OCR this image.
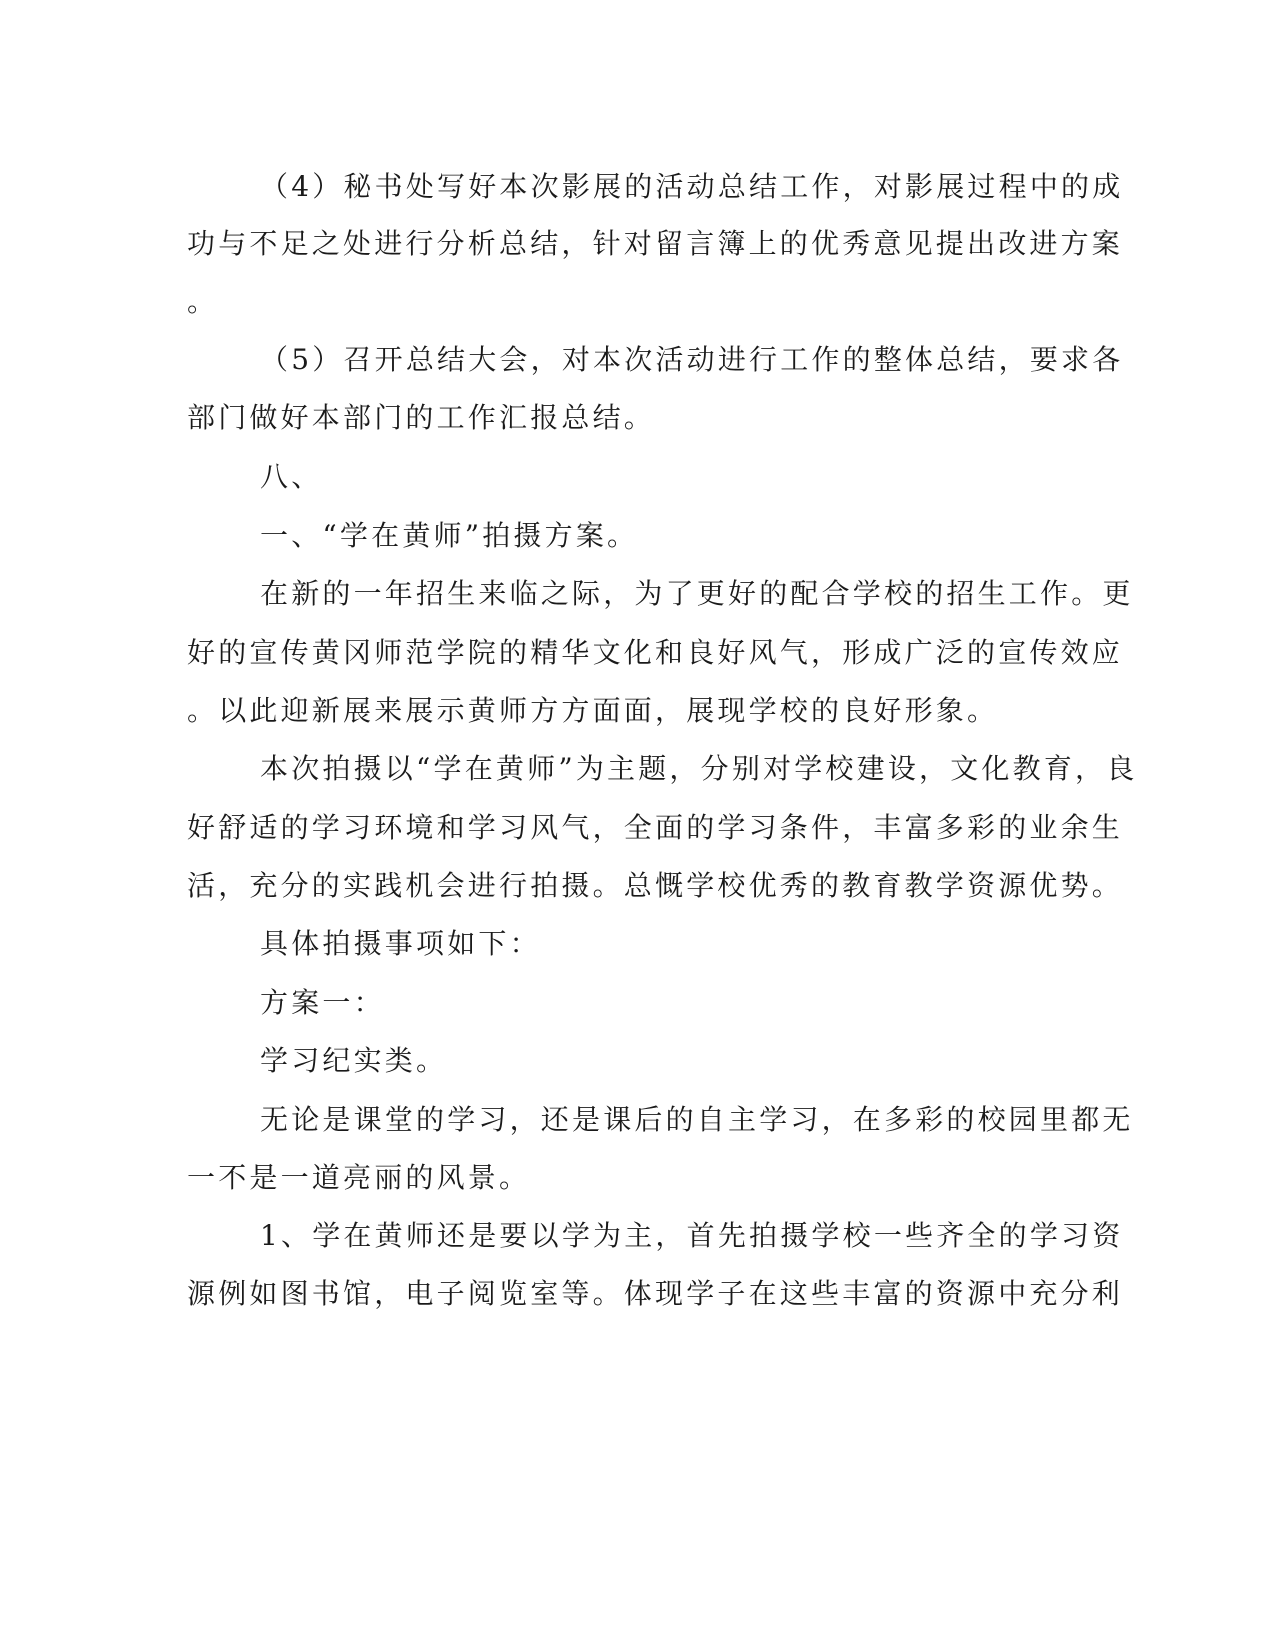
（4）秘书处写好本次影展的活动总结工作，对影展过程中的成
功与不足之处进行分析总结，针对留言簿上的优秀意见提出改进方案
。
（5）召开总结大会，对本次活动进行工作的整体总结，要求各
部门做好本部门的工作汇报总结。
八、
一、“学在黄师”拍摄方案。
在新的一年招生来临之际，为了更好的配合学校的招生工作。更
好的宣传黄冈师范学院的精华文化和良好风气，形成广泛的宣传效应
。以此迎新展来展示黄师方方面面，展现学校的良好形象。
本次拍摄以“学在黄师”为主题，分别对学校建设，文化教育，良
好舒适的学习环境和学习风气，全面的学习条件，丰富多彩的业余生
活，充分的实践机会进行拍摄。总慨学校优秀的教育教学资源优势。
具体拍摄事项如下：
方案一：
学习纪实类。
无论是课堂的学习，还是课后的自主学习，在多彩的校园里都无
一不是一道亮丽的风景。
1、学在黄师还是要以学为主，首先拍摄学校一些齐全的学习资
源例如图书馆，电子阅览室等。体现学子在这些丰富的资源中充分利
